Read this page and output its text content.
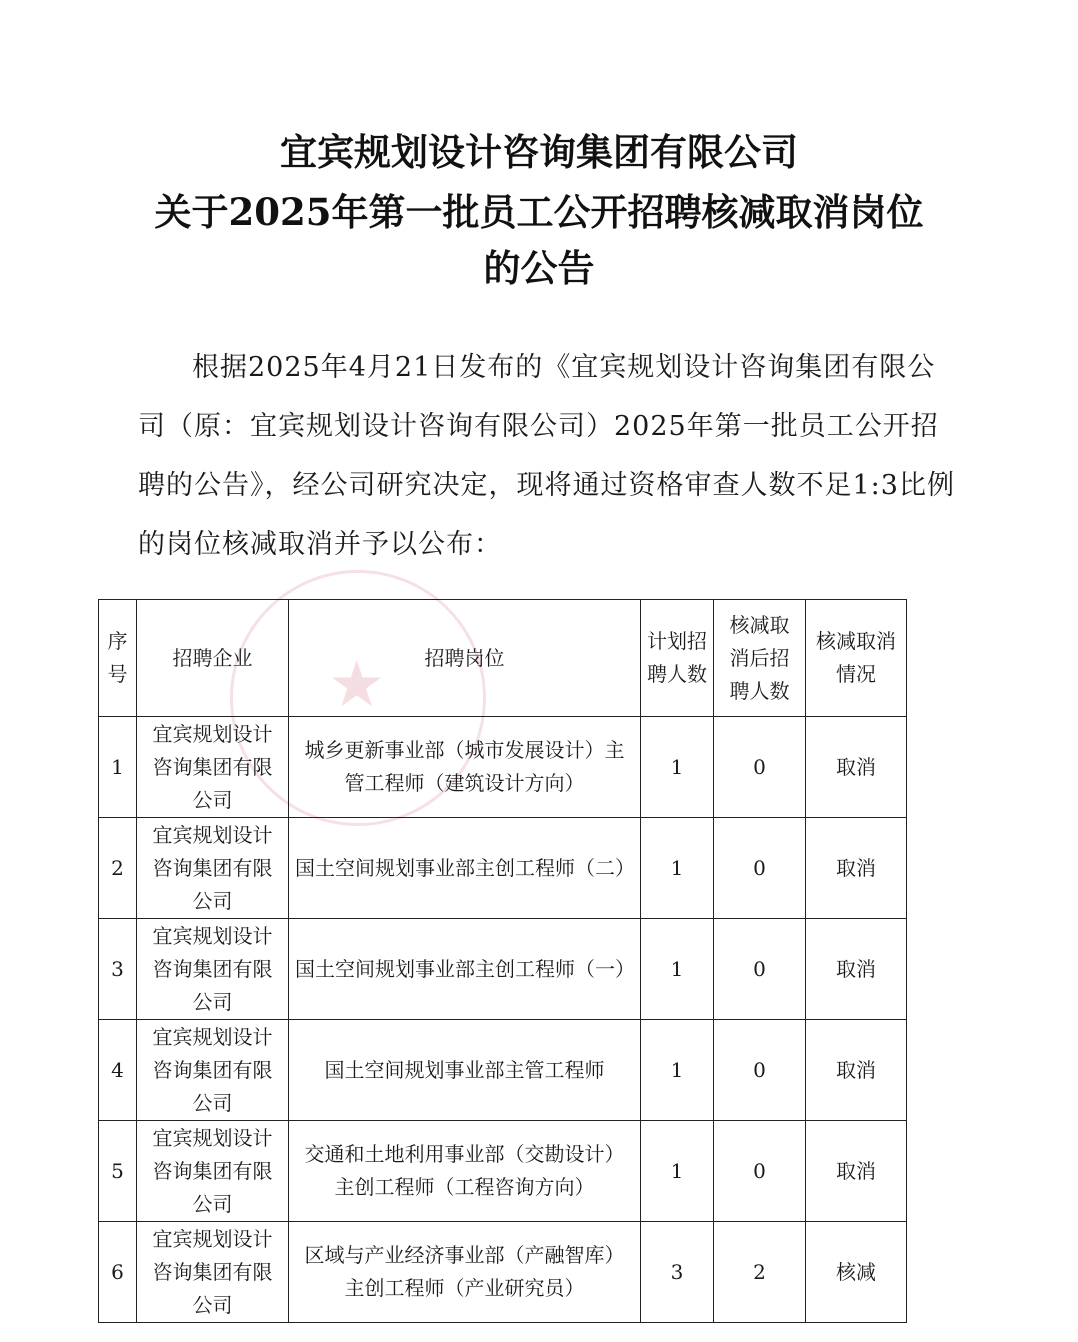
★
宜宾规划设计咨询集团有限公司
关于2025年第一批员工公开招聘核减取消岗位
的公告

根据2025年4月21日发布的《宜宾规划设计咨询集团有限公司（原：宜宾规划设计咨询有限公司）2025年第一批员工公开招聘的公告》，经公司研究决定，现将通过资格审查人数不足1:3比例的岗位核减取消并予以公布：

序号	招聘企业	招聘岗位	计划招聘人数	核减取消后招聘人数	核减取消情况
1	宜宾规划设计咨询集团有限公司	城乡更新事业部（城市发展设计）主管工程师（建筑设计方向）	1	0	取消
2	宜宾规划设计咨询集团有限公司	国土空间规划事业部主创工程师（二）	1	0	取消
3	宜宾规划设计咨询集团有限公司	国土空间规划事业部主创工程师（一）	1	0	取消
4	宜宾规划设计咨询集团有限公司	国土空间规划事业部主管工程师	1	0	取消
5	宜宾规划设计咨询集团有限公司	交通和土地利用事业部（交勘设计）主创工程师（工程咨询方向）	1	0	取消
6	宜宾规划设计咨询集团有限公司	区域与产业经济事业部（产融智库）主创工程师（产业研究员）	3	2	核减
